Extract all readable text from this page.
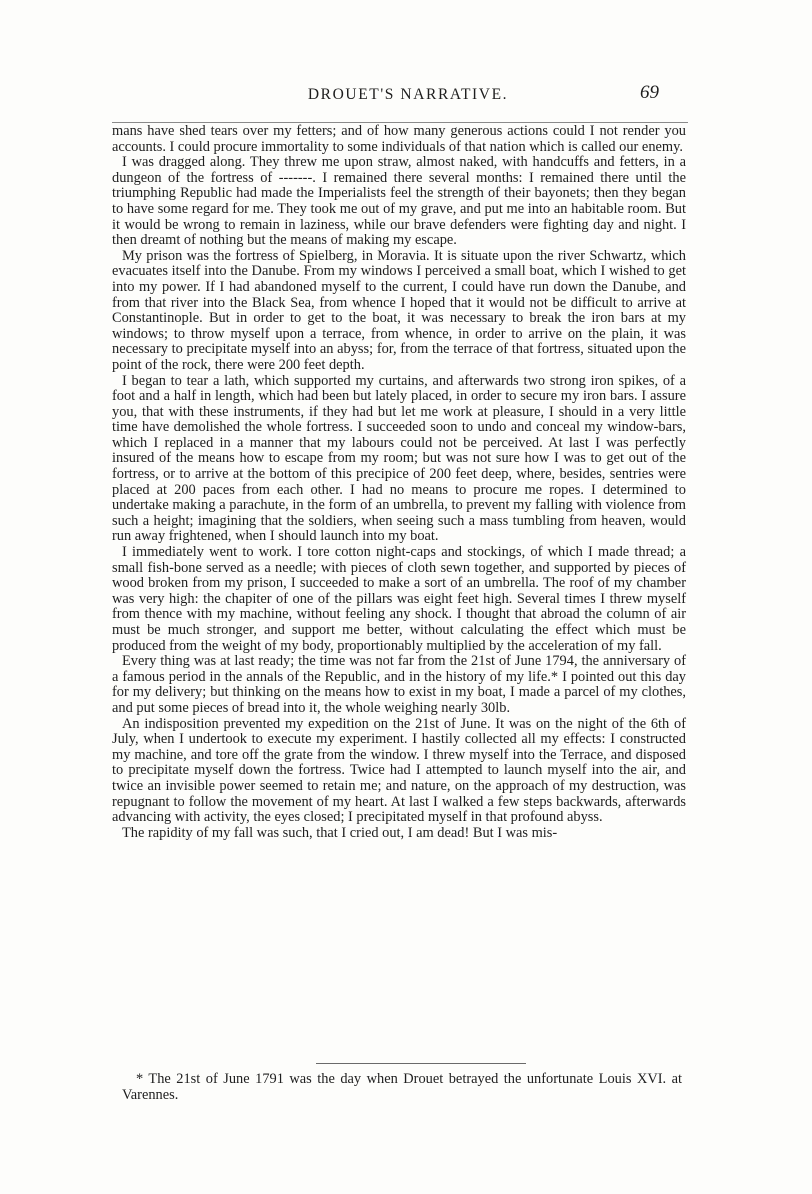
DROUET'S NARRATIVE.	69

mans have shed tears over my fetters; and of how many generous actions could I not render you accounts. I could procure immortality to some individuals of that nation which is called our enemy.

I was dragged along. They threw me upon straw, almost naked, with handcuffs and fetters, in a dungeon of the fortress of -------. I remained there several months: I remained there until the triumphing Republic had made the Imperialists feel the strength of their bayonets; then they began to have some regard for me. They took me out of my grave, and put me into an habitable room. But it would be wrong to remain in laziness, while our brave defenders were fighting day and night. I then dreamt of nothing but the means of making my escape.

My prison was the fortress of Spielberg, in Moravia. It is situate upon the river Schwartz, which evacuates itself into the Danube. From my windows I perceived a small boat, which I wished to get into my power. If I had abandoned myself to the current, I could have run down the Danube, and from that river into the Black Sea, from whence I hoped that it would not be difficult to arrive at Constantinople. But in order to get to the boat, it was necessary to break the iron bars at my windows; to throw myself upon a terrace, from whence, in order to arrive on the plain, it was necessary to precipitate myself into an abyss; for, from the terrace of that fortress, situated upon the point of the rock, there were 200 feet depth.

I began to tear a lath, which supported my curtains, and afterwards two strong iron spikes, of a foot and a half in length, which had been but lately placed, in order to secure my iron bars. I assure you, that with these instruments, if they had but let me work at pleasure, I should in a very little time have demolished the whole fortress. I succeeded soon to undo and conceal my window-bars, which I replaced in a manner that my labours could not be perceived. At last I was perfectly insured of the means how to escape from my room; but was not sure how I was to get out of the fortress, or to arrive at the bottom of this precipice of 200 feet deep, where, besides, sentries were placed at 200 paces from each other. I had no means to procure me ropes. I determined to undertake making a parachute, in the form of an umbrella, to prevent my falling with violence from such a height; imagining that the soldiers, when seeing such a mass tumbling from heaven, would run away frightened, when I should launch into my boat.

I immediately went to work. I tore cotton night-caps and stockings, of which I made thread; a small fish-bone served as a needle; with pieces of cloth sewn together, and supported by pieces of wood broken from my prison, I succeeded to make a sort of an umbrella. The roof of my chamber was very high: the chapiter of one of the pillars was eight feet high. Several times I threw myself from thence with my machine, without feeling any shock. I thought that abroad the column of air must be much stronger, and support me better, without calculating the effect which must be produced from the weight of my body, proportionably multiplied by the acceleration of my fall.

Every thing was at last ready; the time was not far from the 21st of June 1794, the anniversary of a famous period in the annals of the Republic, and in the history of my life.* I pointed out this day for my delivery; but thinking on the means how to exist in my boat, I made a parcel of my clothes, and put some pieces of bread into it, the whole weighing nearly 30lb.

An indisposition prevented my expedition on the 21st of June. It was on the night of the 6th of July, when I undertook to execute my experiment. I hastily collected all my effects: I constructed my machine, and tore off the grate from the window. I threw myself into the Terrace, and disposed to precipitate myself down the fortress. Twice had I attempted to launch myself into the air, and twice an invisible power seemed to retain me; and nature, on the approach of my destruction, was repugnant to follow the movement of my heart. At last I walked a few steps backwards, afterwards advancing with activity, the eyes closed; I precipitated myself in that profound abyss.

The rapidity of my fall was such, that I cried out, I am dead! But I was mis-

* The 21st of June 1791 was the day when Drouet betrayed the unfortunate Louis XVI. at Varennes.
